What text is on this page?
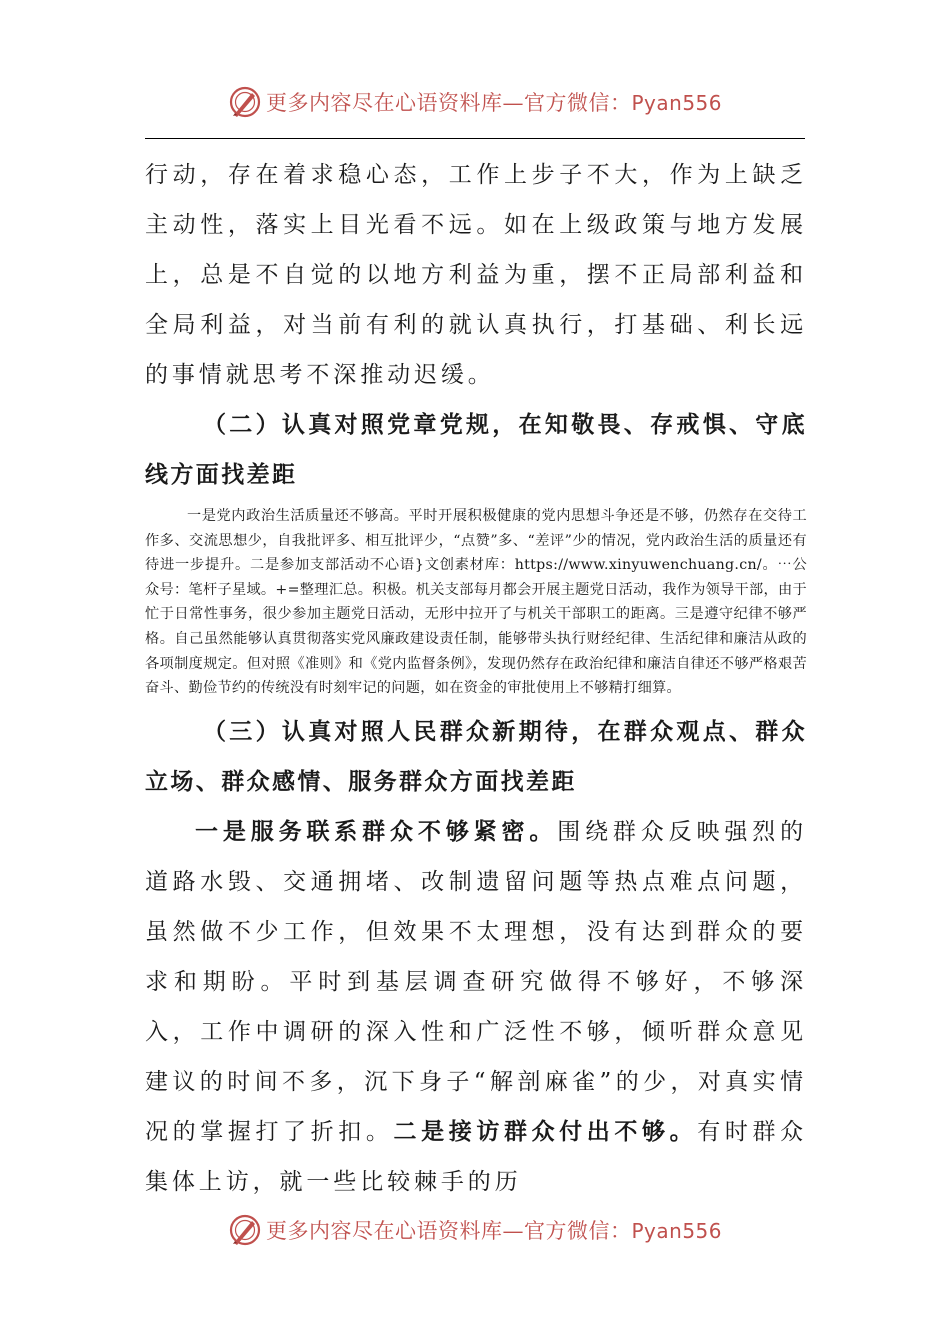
更多内容尽在心语资料库—官方微信：Pyan556

行动，存在着求稳心态，工作上步子不大，作为上缺乏主动性，落实上目光看不远。如在上级政策与地方发展上，总是不自觉的以地方利益为重，摆不正局部利益和全局利益，对当前有利的就认真执行，打基础、利长远的事情就思考不深推动迟缓。

（二）认真对照党章党规，在知敬畏、存戒惧、守底线方面找差距

一是党内政治生活质量还不够高。平时开展积极健康的党内思想斗争还是不够，仍然存在交待工作多、交流思想少，自我批评多、相互批评少，“点赞”多、“差评”少的情况，党内政治生活的质量还有待进一步提升。二是参加支部活动不心语}文创素材库：https://www.xinyuwenchuang.cn/。⋯公众号：笔杆子星域。+=整理汇总。积极。机关支部每月都会开展主题党日活动，我作为领导干部，由于忙于日常性事务，很少参加主题党日活动，无形中拉开了与机关干部职工的距离。三是遵守纪律不够严格。自己虽然能够认真贯彻落实党风廉政建设责任制，能够带头执行财经纪律、生活纪律和廉洁从政的各项制度规定。但对照《准则》和《党内监督条例》，发现仍然存在政治纪律和廉洁自律还不够严格艰苦奋斗、勤俭节约的传统没有时刻牢记的问题，如在资金的审批使用上不够精打细算。

（三）认真对照人民群众新期待，在群众观点、群众立场、群众感情、服务群众方面找差距

一是服务联系群众不够紧密。围绕群众反映强烈的道路水毁、交通拥堵、改制遗留问题等热点难点问题，虽然做不少工作，但效果不太理想，没有达到群众的要求和期盼。平时到基层调查研究做得不够好，不够深入，工作中调研的深入性和广泛性不够，倾听群众意见建议的时间不多，沉下身子“解剖麻雀”的少，对真实情况的掌握打了折扣。二是接访群众付出不够。有时群众集体上访，就一些比较棘手的历

更多内容尽在心语资料库—官方微信：Pyan556
